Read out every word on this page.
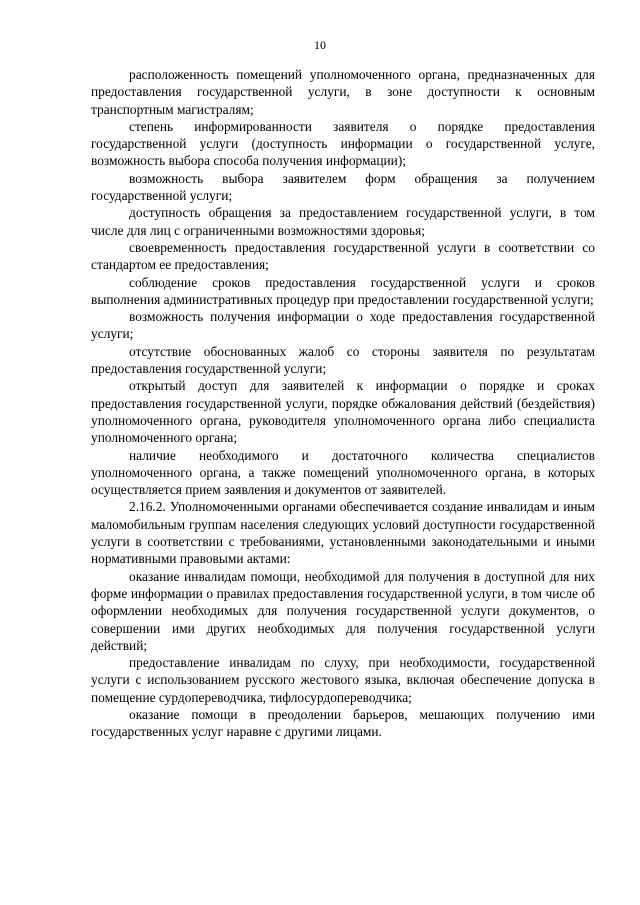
10

расположенность помещений уполномоченного органа, предназначенных для предоставления государственной услуги, в зоне доступности к основным транспортным магистралям;

степень информированности заявителя о порядке предоставления государственной услуги (доступность информации о государственной услуге, возможность выбора способа получения информации);

возможность выбора заявителем форм обращения за получением государственной услуги;

доступность обращения за предоставлением государственной услуги, в том числе для лиц с ограниченными возможностями здоровья;

своевременность предоставления государственной услуги в соответствии со стандартом ее предоставления;

соблюдение сроков предоставления государственной услуги и сроков выполнения административных процедур при предоставлении государственной услуги;

возможность получения информации о ходе предоставления государственной услуги;

отсутствие обоснованных жалоб со стороны заявителя по результатам предоставления государственной услуги;

открытый доступ для заявителей к информации о порядке и сроках предоставления государственной услуги, порядке обжалования действий (бездействия) уполномоченного органа, руководителя уполномоченного органа либо специалиста уполномоченного органа;

наличие необходимого и достаточного количества специалистов уполномоченного органа, а также помещений уполномоченного органа, в которых осуществляется прием заявления и документов от заявителей.

2.16.2. Уполномоченными органами обеспечивается создание инвалидам и иным маломобильным группам населения следующих условий доступности государственной услуги в соответствии с требованиями, установленными законодательными и иными нормативными правовыми актами:

оказание инвалидам помощи, необходимой для получения в доступной для них форме информации о правилах предоставления государственной услуги, в том числе об оформлении необходимых для получения государственной услуги документов, о совершении ими других необходимых для получения государственной услуги действий;

предоставление инвалидам по слуху, при необходимости, государственной услуги с использованием русского жестового языка, включая обеспечение допуска в помещение сурдопереводчика, тифлосурдопереводчика;

оказание помощи в преодолении барьеров, мешающих получению ими государственных услуг наравне с другими лицами.
